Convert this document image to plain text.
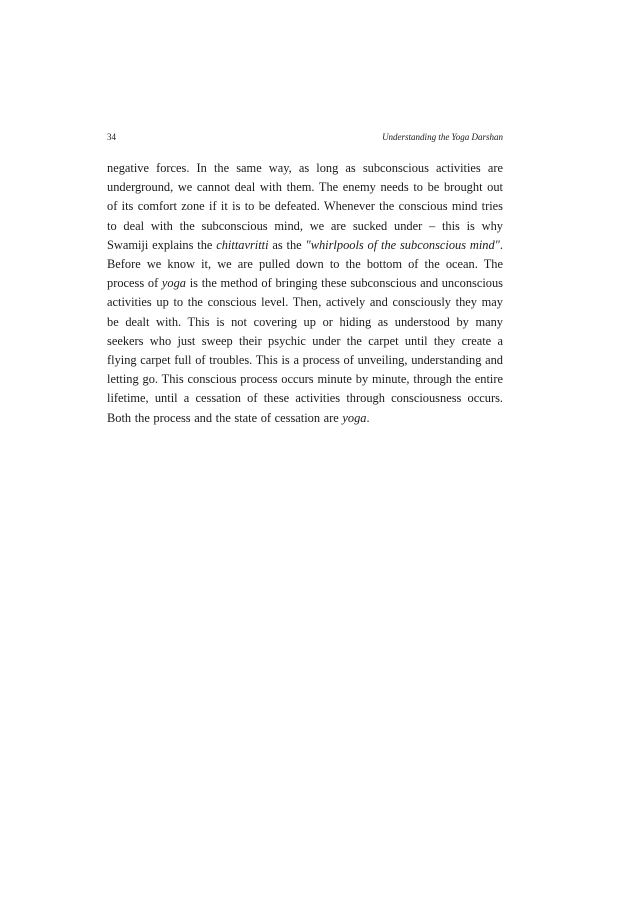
34	Understanding the Yoga Darshan

negative forces. In the same way, as long as subconscious activities are underground, we cannot deal with them. The enemy needs to be brought out of its comfort zone if it is to be defeated. Whenever the conscious mind tries to deal with the subconscious mind, we are sucked under – this is why Swamiji explains the chittavritti as the "whirlpools of the subconscious mind". Before we know it, we are pulled down to the bottom of the ocean. The process of yoga is the method of bringing these subconscious and unconscious activities up to the conscious level. Then, actively and consciously they may be dealt with. This is not covering up or hiding as understood by many seekers who just sweep their psychic under the carpet until they create a flying carpet full of troubles. This is a process of unveiling, understanding and letting go. This conscious process occurs minute by minute, through the entire lifetime, until a cessation of these activities through consciousness occurs. Both the process and the state of cessation are yoga.
